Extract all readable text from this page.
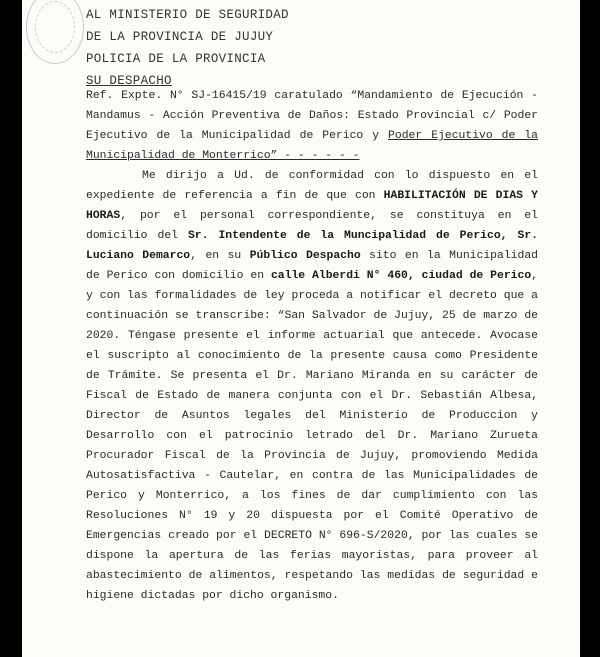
AL MINISTERIO DE SEGURIDAD
DE LA PROVINCIA DE JUJUY
POLICIA DE LA PROVINCIA
SU DESPACHO

Ref. Expte. N° SJ-16415/19 caratulado “Mandamiento de Ejecución - Mandamus - Acción Preventiva de Daños: Estado Provincial c/ Poder Ejecutivo de la Municipalidad de Perico y Poder Ejecutivo de la Municipalidad de Monterrico” - - - - - -

Me dirijo a Ud. de conformidad con lo dispuesto en el expediente de referencia a fin de que con HABILITACIÓN DE DIAS Y HORAS, por el personal correspondiente, se constituya en el domicilio del Sr. Intendente de la Muncipalidad de Perico, Sr. Luciano Demarco, en su Público Despacho sito en la Municipalidad de Perico con domicilio en calle Alberdi N° 460, ciudad de Perico, y con las formalidades de ley proceda a notificar el decreto que a continuación se transcribe: “San Salvador de Jujuy, 25 de marzo de 2020. Téngase presente el informe actuarial que antecede. Avocase el suscripto al conocimiento de la presente causa como Presidente de Trámite. Se presenta el Dr. Mariano Miranda en su carácter de Fiscal de Estado de manera conjunta con el Dr. Sebastián Albesa, Director de Asuntos legales del Ministerio de Produccion y Desarrollo con el patrocinio letrado del Dr. Mariano Zurueta Procurador Fiscal de la Provincia de Jujuy, promoviendo Medida Autosatisfactiva - Cautelar, en contra de las Municipalidades de Perico y Monterrico, a los fines de dar cumplimiento con las Resoluciones N° 19 y 20 dispuesta por el Comité Operativo de Emergencias creado por el DECRETO N° 696-S/2020, por las cuales se dispone la apertura de las ferias mayoristas, para proveer al abastecimiento de alimentos, respetando las medidas de seguridad e higiene dictadas por dicho organismo.
